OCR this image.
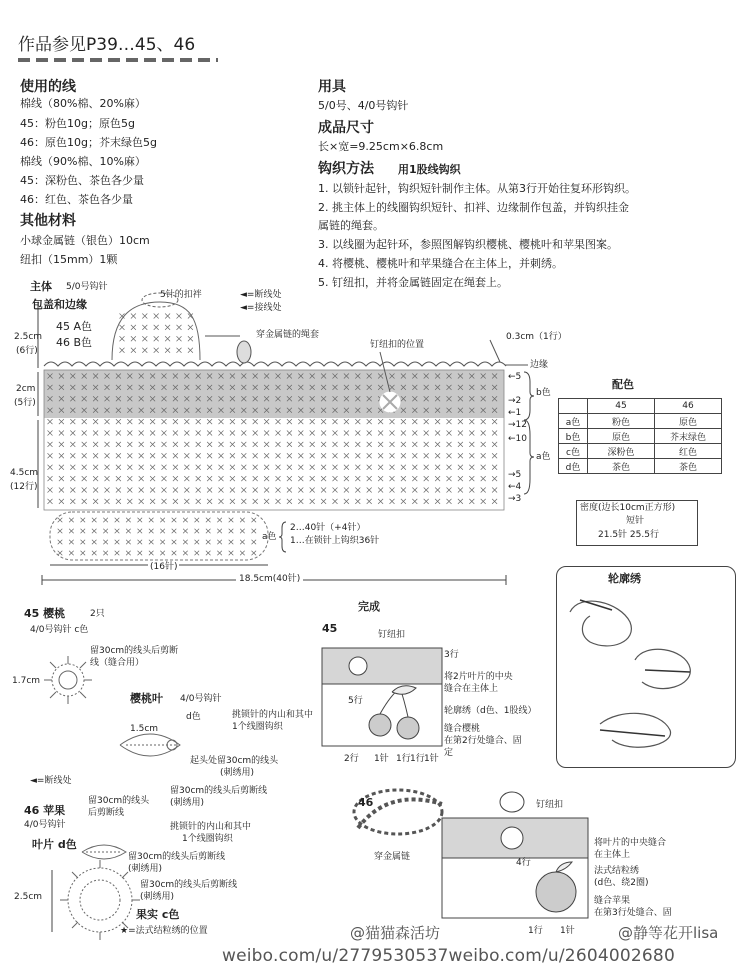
作品参见P39…45、46
使用的线
棉线（80%棉、20%麻）
45：粉色10g；原色5g
46：原色10g；芥末绿色5g
棉线（90%棉、10%麻）
45：深粉色、茶色各少量
46：红色、茶色各少量
其他材料
小球金属链（银色）10cm
纽扣（15mm）1颗
用具
5/0号、4/0号钩针
成品尺寸
长×宽=9.25cm×6.8cm
钩织方法 用1股线钩织
1. 以锁针起针，钩织短针制作主体。从第3行开始往复环形钩织。
2. 挑主体上的线圈钩织短针、扣袢、边缘制作包盖，并钩织挂金
属链的绳套。
3. 以线圈为起针环，参照图解钩织樱桃、樱桃叶和苹果图案。
4. 将樱桃、樱桃叶和苹果缝合在主体上，并刺绣。
5. 钉纽扣，并将金属链固定在绳套上。
主体 5/0号钩针
包盖和边缘
45 A色
46 B色
2.5cm
(6行)
2cm
(5行)
4.5cm
(12行)
5针的扣袢	◄=断线处
◄=接线处
穿金属链的绳套
钉纽扣的位置
0.3cm（1行）
边缘
←5
→2
←1
→12
←10
→5
←4
→3
b色
a色
a色
2…40针（+4针）
1…在锁针上钩织36针
(16针)
18.5cm(40针)
配色
	45	46
a色	粉色	原色
b色	原色	芥末绿色
c色	深粉色	红色
d色	茶色	茶色
密度(边长10cm正方形)
短针
21.5针 25.5行
轮廓绣
45 樱桃	2只
4/0号钩针 c色
留30cm的线头后剪断
线（缝合用）
1.7cm
◄=断线处
樱桃叶 4/0号钩针
d色
1.5cm
挑锁针的内山和其中
1个线圈钩织
起头处留30cm的线头
(刺绣用)
留30cm的线头后剪断线
(刺绣用)
46 苹果
4/0号钩针
叶片 d色
留30cm的线头
后剪断线
挑锁针的内山和其中
1个线圈钩织
留30cm的线头后剪断线
(刺绣用)
留30cm的线头后剪断线
(刺绣用)
果实 c色
2.5cm
★=法式结粒绣的位置
完成
45	钉纽扣
3行
将2片叶片的中央
缝合在主体上
轮廓绣（d色、1股线）
缝合樱桃
在第2行处缝合、固
定
5行
2行 1针 1行 1行 1针
46	钉纽扣
穿金属链
将叶片的中央缝合
在主体上
法式结粒绣
(d色、绕2圈)
缝合苹果
在第3行处缝合、固
4行
1行 1针
@猫猫森活坊	@静等花开lisa
weibo.com/u/2779530537weibo.com/u/2604002680
